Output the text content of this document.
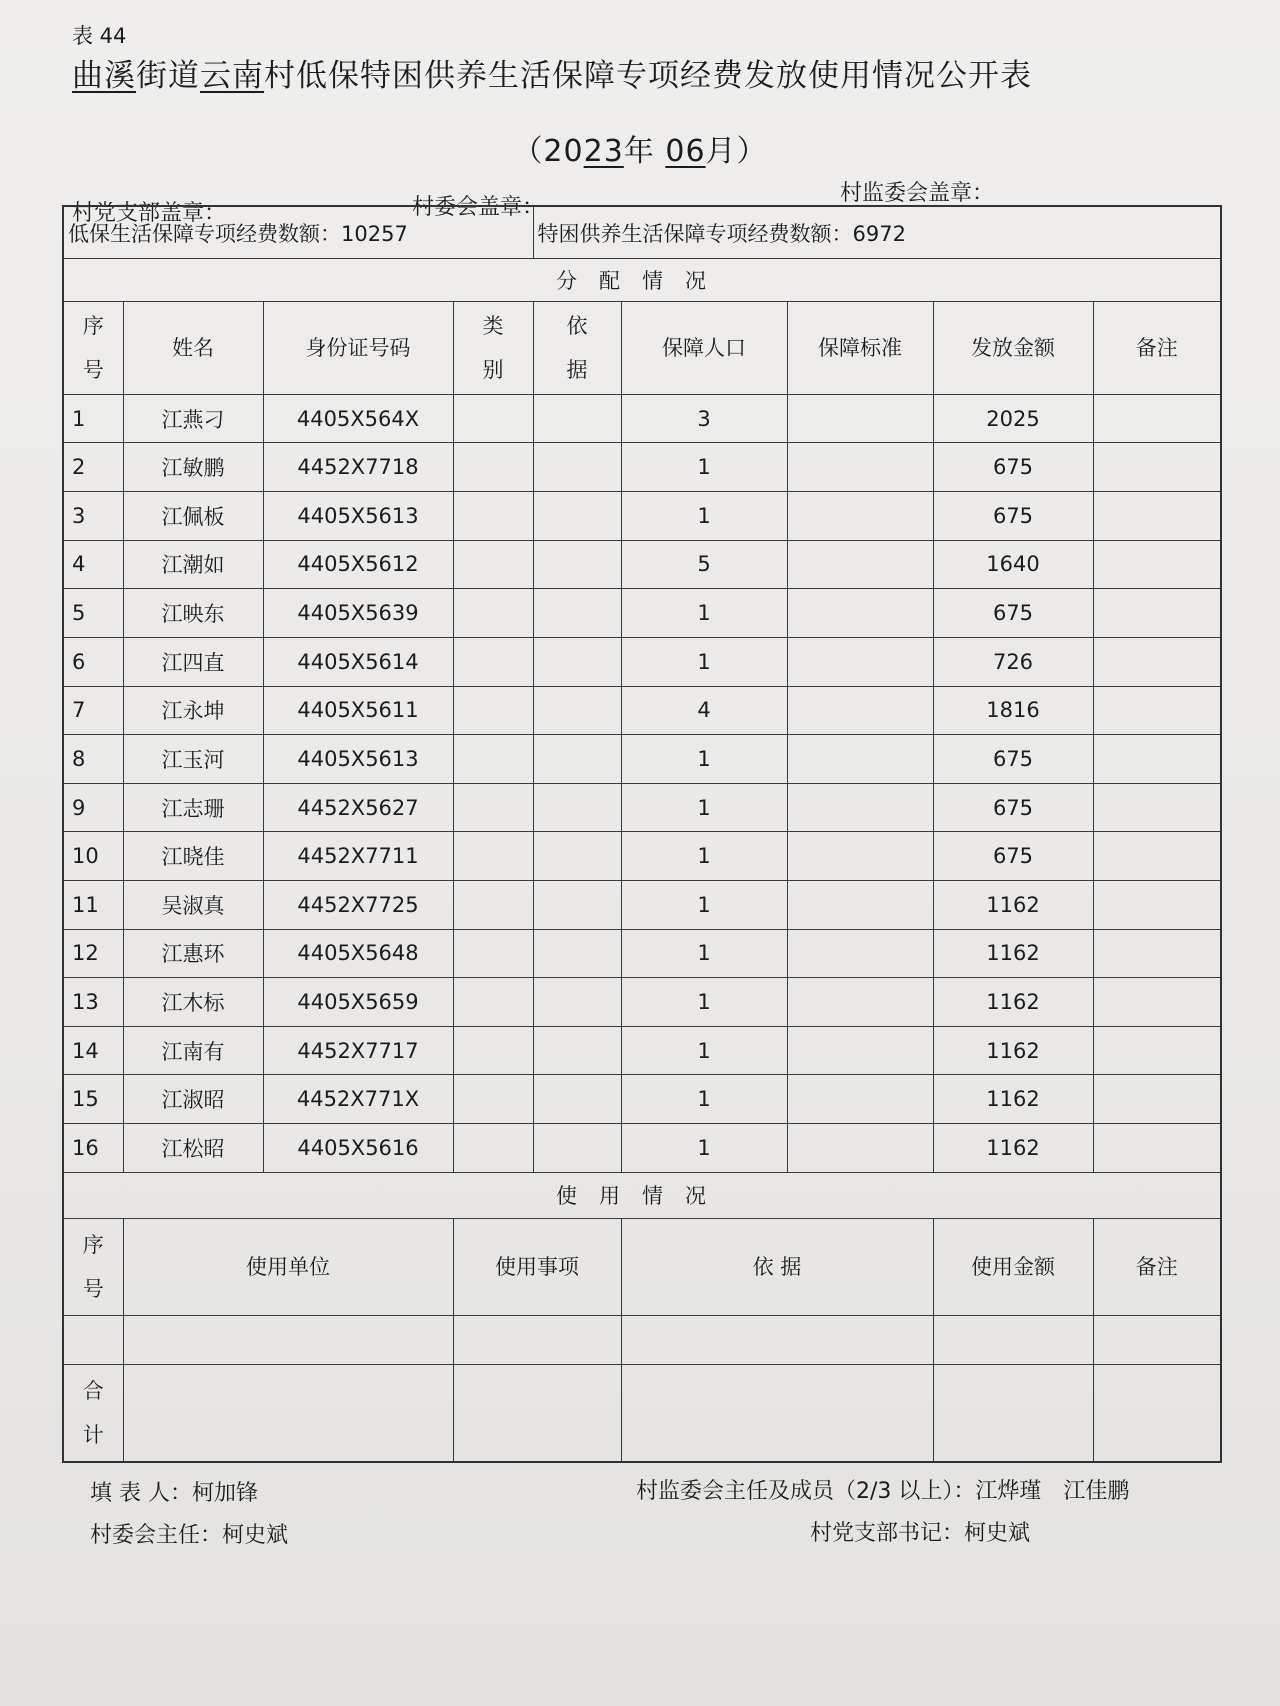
表 44
曲溪街道云南村低保特困供养生活保障专项经费发放使用情况公开表
（2023年 06月）
村党支部盖章：	村委会盖章：
村监委会盖章：
低保生活保障专项经费数额：10257				特困供养生活保障专项经费数额：6972				
分配情况								
序号	姓名	身份证号码	类别	依据	保障人口	保障标准	发放金额	备注
1	江燕刁	4405X564X			3		2025	
2	江敏鹏	4452X7718			1		675	
3	江佩板	4405X5613			1		675	
4	江潮如	4405X5612			5		1640	
5	江映东	4405X5639			1		675	
6	江四直	4405X5614			1		726	
7	江永坤	4405X5611			4		1816	
8	江玉河	4405X5613			1		675	
9	江志珊	4452X5627			1		675	
10	江晓佳	4452X7711			1		675	
11	吴淑真	4452X7725			1		1162	
12	江惠环	4405X5648			1		1162	
13	江木标	4405X5659			1		1162	
14	江南有	4452X7717			1		1162	
15	江淑昭	4452X771X			1		1162	
16	江松昭	4405X5616			1		1162	
使用情况								
序号	使用单位		使用事项		依 据		使用金额	备注

合计								
填 表 人：柯加锋	村监委会主任及成员（2/3 以上）：江烨瑾　江佳鹏
村委会主任：柯史斌	村党支部书记：柯史斌
